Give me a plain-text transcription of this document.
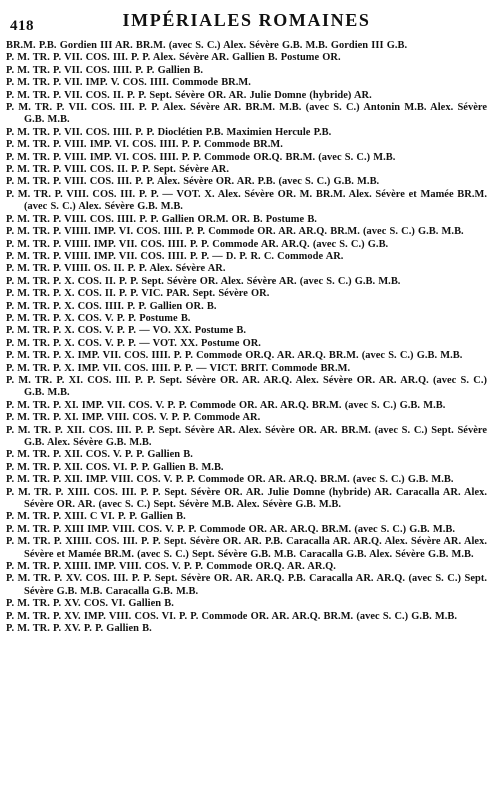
418	IMPÉRIALES ROMAINES
BR.M. P.B. Gordien III AR. BR.M. (avec S. C.) Alex. Sévère G.B. M.B. Gordien III G.B.
P. M. TR. P. VII. COS. III. P. P. Alex. Sévère AR. Gallien B. Postume OR.
P. M. TR. P. VII. COS. IIII. P. P. Gallien B.
P. M. TR. P. VII. IMP. V. COS. IIII. Commode BR.M.
P. M. TR. P. VII. COS. II. P. P. Sept. Sévère OR. AR. Julie Domne (hybride) AR.
P. M. TR. P. VII. COS. III. P. P. Alex. Sévère AR. BR.M. M.B. (avec S. C.) Antonin M.B. Alex. Sévère G.B. M.B.
P. M. TR. P. VII. COS. IIII. P. P. Dioclétien P.B. Maximien Hercule P.B.
P. M. TR. P. VIII. IMP. VI. COS. IIII. P. P. Commode BR.M.
P. M. TR. P. VIII. IMP. VI. COS. IIII. P. P. Commode OR.Q. BR.M. (avec S. C.) M.B.
P. M. TR. P. VIII. COS. II. P. P. Sept. Sévère AR.
P. M. TR. P. VIII. COS. III. P. P. Alex. Sévère OR. AR. P.B. (avec S. C.) G.B. M.B.
P. M. TR. P. VIII. COS. III. P. P. — VOT. X. Alex. Sévère OR. M. BR.M. Alex. Sévère et Mamée BR.M. (avec S. C.) Alex. Sévère G.B. M.B.
P. M. TR. P. VIII. COS. IIII. P. P. Gallien OR.M. OR. B. Postume B.
P. M. TR. P. VIIII. IMP. VI. COS. IIII. P. P. Commode OR. AR. AR.Q. BR.M. (avec S. C.) G.B. M.B.
P. M. TR. P. VIIII. IMP. VII. COS. IIII. P. P. Commode AR. AR.Q. (avec S. C.) G.B.
P. M. TR. P. VIIII. IMP. VII. COS. IIII. P. P. — D. P. R. C. Commode AR.
P. M. TR. P. VIIII. OS. II. P. P. Alex. Sévère AR.
P. M. TR. P. X. COS. II. P. P. Sept. Sévère OR. Alex. Sévère AR. (avec S. C.) G.B. M.B.
P. M. TR. P. X. COS. II. P. P. VIC. PAR. Sept. Sévère OR.
P. M. TR. P. X. COS. IIII. P. P. Gallien OR. B.
P. M. TR. P. X. COS. V. P. P. Postume B.
P. M. TR. P. X. COS. V. P. P. — VO. XX. Postume B.
P. M. TR. P. X. COS. V. P. P. — VOT. XX. Postume OR.
P. M. TR. P. X. IMP. VII. COS. IIII. P. P. Commode OR.Q. AR. AR.Q. BR.M. (avec S. C.) G.B. M.B.
P. M. TR. P. X. IMP. VII. COS. IIII. P. P. — VICT. BRIT. Commode BR.M.
P. M. TR. P. XI. COS. III. P. P. Sept. Sévère OR. AR. AR.Q. Alex. Sévère OR. AR. AR.Q. (avec S. C.) G.B. M.B.
P. M. TR. P. XI. IMP. VII. COS. V. P. P. Commode OR. AR. AR.Q. BR.M. (avec S. C.) G.B. M.B.
P. M. TR. P. XI. IMP. VIII. COS. V. P. P. Commode AR.
P. M. TR. P. XII. COS. III. P. P. Sept. Sévère AR. Alex. Sévère OR. AR. BR.M. (avec S. C.) Sept. Sévère G.B. Alex. Sévère G.B. M.B.
P. M. TR. P. XII. COS. V. P. P. Gallien B.
P. M. TR. P. XII. COS. VI. P. P. Gallien B. M.B.
P. M. TR. P. XII. IMP. VIII. COS. V. P. P. Commode OR. AR. AR.Q. BR.M. (avec S. C.) G.B. M.B.
P. M. TR. P. XIII. COS. III. P. P. Sept. Sévère OR. AR. Julie Domne (hybride) AR. Caracalla AR. Alex. Sévère OR. AR. (avec S. C.) Sept. Sévère M.B. Alex. Sévère G.B. M.B.
P. M. TR. P. XIII. C VI. P. P. Gallien B.
P. M. TR. P. XIII IMP. VIII. COS. V. P. P. Commode OR. AR. AR.Q. BR.M. (avec S. C.) G.B. M.B.
P. M. TR. P. XIIII. COS. III. P. P. Sept. Sévère OR. AR. P.B. Caracalla AR. AR.Q. Alex. Sévère AR. Alex. Sévère et Mamée BR.M. (avec S. C.) Sept. Sévère G.B. M.B. Caracalla G.B. Alex. Sévère G.B. M.B.
P. M. TR. P. XIIII. IMP. VIII. COS. V. P. P. Commode OR.Q. AR. AR.Q.
P. M. TR. P. XV. COS. III. P. P. Sept. Sévère OR. AR. AR.Q. P.B. Caracalla AR. AR.Q. (avec S. C.) Sept. Sévère G.B. M.B. Caracalla G.B. M.B.
P. M. TR. P. XV. COS. VI. Gallien B.
P. M. TR. P. XV. IMP. VIII. COS. VI. P. P. Commode OR. AR. AR.Q. BR.M. (avec S. C.) G.B. M.B.
P. M. TR. P. XV. P. P. Gallien B.
